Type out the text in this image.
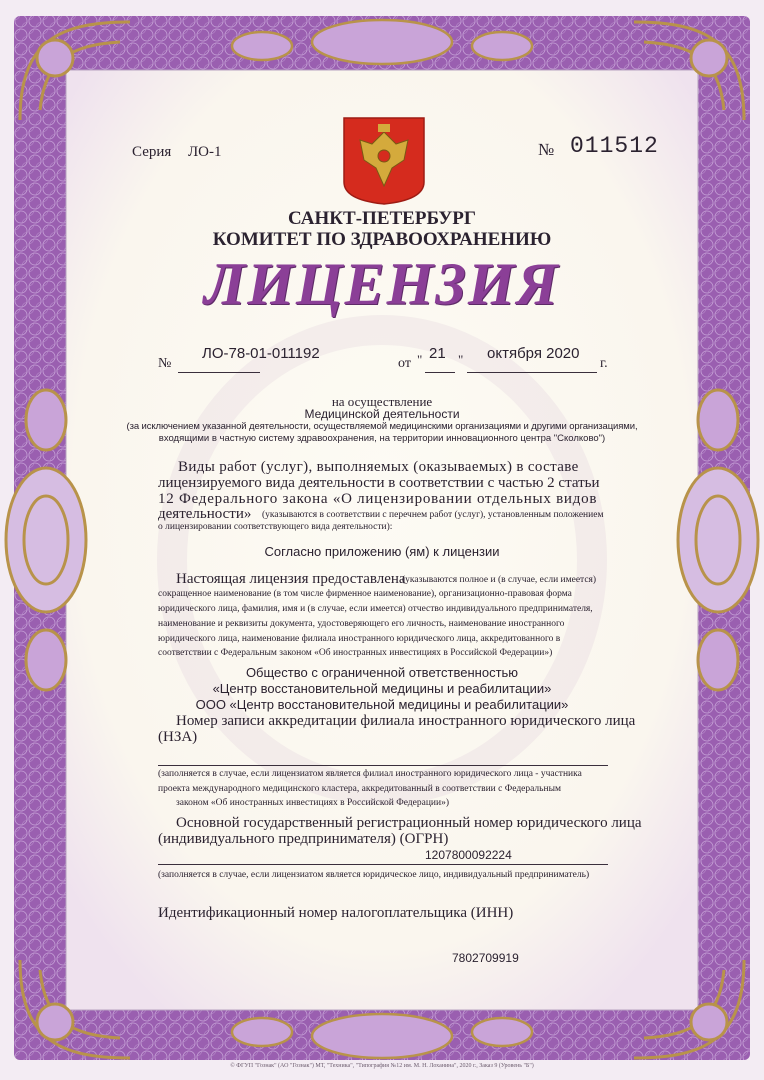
Серия ЛО-1	№ 011512
САНКТ-ПЕТЕРБУРГ
КОМИТЕТ ПО ЗДРАВООХРАНЕНИЮ
ЛИЦЕНЗИЯ
№
ЛО-78-01-011192
от " 21 " октября 2020
г.
на осуществление
Медицинской деятельности
(за исключением указанной деятельности, осуществляемой медицинскими организациями и другими организациями,
входящими в частную систему здравоохранения, на территории инновационного центра "Сколково")
Виды работ (услуг), выполняемых (оказываемых) в составе
лицензируемого вида деятельности в соответствии с частью 2 статьи
12 Федерального закона «О лицензировании отдельных видов
деятельности» (указываются в соответствии с перечнем работ (услуг), установленным положением
о лицензировании соответствующего вида деятельности):
Согласно приложению (ям) к лицензии
Настоящая лицензия предоставлена
(указываются полное и (в случае, если имеется)
сокращенное наименование (в том числе фирменное наименование), организационно-правовая форма
юридического лица, фамилия, имя и (в случае, если имеется) отчество индивидуального предпринимателя,
наименование и реквизиты документа, удостоверяющего его личность, наименование иностранного
юридического лица, наименование филиала иностранного юридического лица, аккредитованного в
соответствии с Федеральным законом «Об иностранных инвестициях в Российской Федерации»)
Общество с ограниченной ответственностью
«Центр восстановительной медицины и реабилитации»
ООО «Центр восстановительной медицины и реабилитации»
Номер записи аккредитации филиала иностранного юридического лица
(НЗА)
(заполняется в случае, если лицензиатом является филиал иностранного юридического лица - участника
проекта международного медицинского кластера, аккредитованный в соответствии с Федеральным
законом «Об иностранных инвестициях в Российской Федерации»)
Основной государственный регистрационный номер юридического лица
(индивидуального предпринимателя) (ОГРН)
1207800092224
(заполняется в случае, если лицензиатом является юридическое лицо, индивидуальный предприниматель)
Идентификационный номер налогоплательщика (ИНН)
7802709919
© ФГУП "Гознак" (АО "Гознак") МТ, "Техника", "Типография №12 им. М. Н. Лоханина", 2020 г., Заказ 9 (Уровень "Б")
